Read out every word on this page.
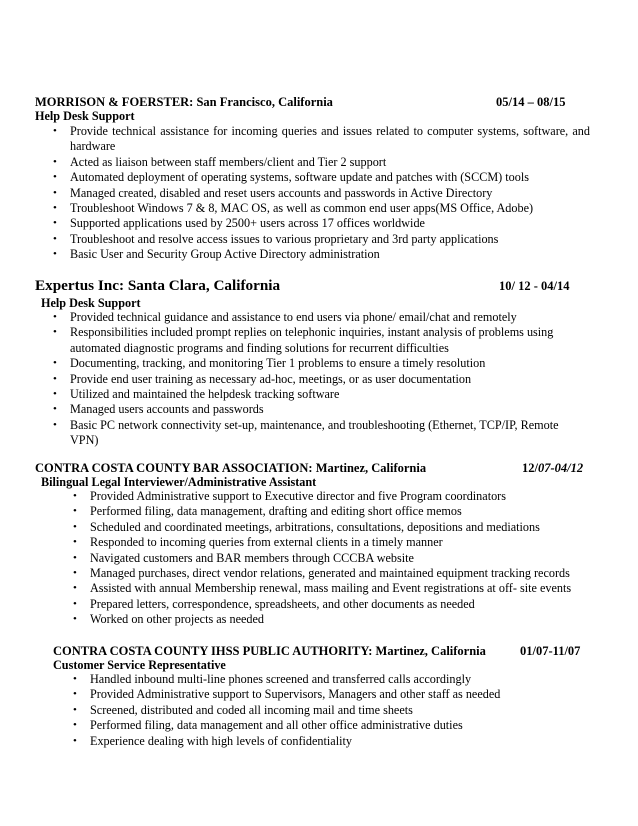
MORRISON & FOERSTER: San Francisco, California	05/14 – 08/15
Help Desk Support
• Provide technical assistance for incoming queries and issues related to computer systems, software, and hardware
• Acted as liaison between staff members/client and Tier 2 support
• Automated deployment of operating systems, software update and patches with (SCCM) tools
• Managed created, disabled and reset users accounts and passwords in Active Directory
• Troubleshoot Windows 7 & 8, MAC OS, as well as common end user apps(MS Office, Adobe)
• Supported applications used by 2500+ users across 17 offices worldwide
• Troubleshoot and resolve access issues to various proprietary and 3rd party applications
• Basic User and Security Group Active Directory administration
Expertus Inc: Santa Clara, California	10/ 12 - 04/14
Help Desk Support
• Provided technical guidance and assistance to end users via phone/ email/chat and remotely
• Responsibilities included prompt replies on telephonic inquiries, instant analysis of problems using automated diagnostic programs and finding solutions for recurrent difficulties
• Documenting, tracking, and monitoring Tier 1 problems to ensure a timely resolution
• Provide end user training as necessary ad-hoc, meetings, or as user documentation
• Utilized and maintained the helpdesk tracking software
• Managed users accounts and passwords
• Basic PC network connectivity set-up, maintenance, and troubleshooting (Ethernet, TCP/IP, Remote VPN)
CONTRA COSTA COUNTY BAR ASSOCIATION: Martinez, California	12/07-04/12
Bilingual Legal Interviewer/Administrative Assistant
• Provided Administrative support to Executive director and five Program coordinators
• Performed filing, data management, drafting and editing short office memos
• Scheduled and coordinated meetings, arbitrations, consultations, depositions and mediations
• Responded to incoming queries from external clients in a timely manner
• Navigated customers and BAR members through CCCBA website
• Managed purchases, direct vendor relations, generated and maintained equipment tracking records
• Assisted with annual Membership renewal, mass mailing and Event registrations at off- site events
• Prepared letters, correspondence, spreadsheets, and other documents as needed
• Worked on other projects as needed
CONTRA COSTA COUNTY IHSS PUBLIC AUTHORITY: Martinez, California	01/07-11/07
Customer Service Representative
• Handled inbound multi-line phones screened and transferred calls accordingly
• Provided Administrative support to Supervisors, Managers and other staff as needed
• Screened, distributed and coded all incoming mail and time sheets
• Performed filing, data management and all other office administrative duties
• Experience dealing with high levels of confidentiality
